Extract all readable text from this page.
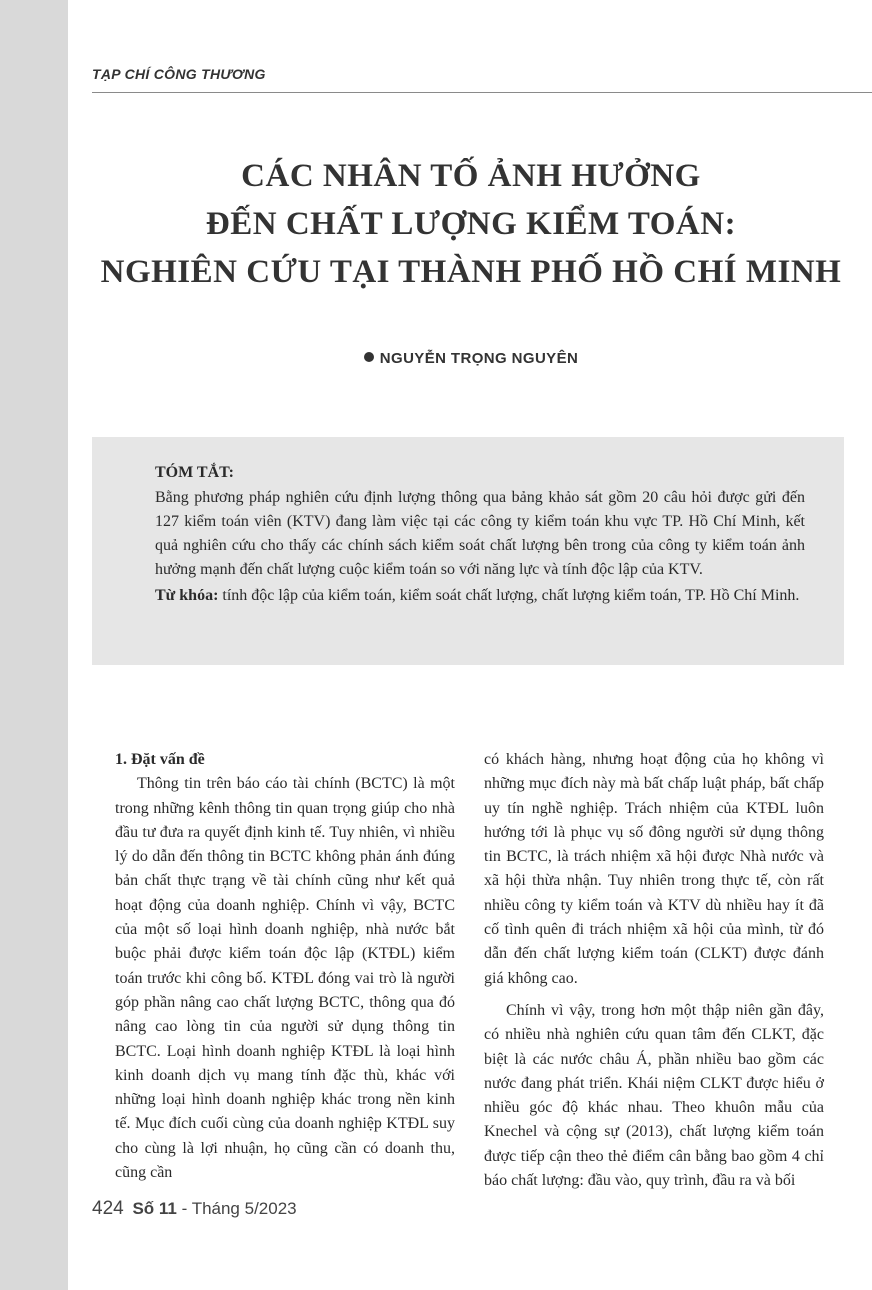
TẠP CHÍ CÔNG THƯƠNG
CÁC NHÂN TỐ ẢNH HƯỞNG
ĐẾN CHẤT LƯỢNG KIỂM TOÁN:
NGHIÊN CỨU TẠI THÀNH PHỐ HỒ CHÍ MINH
NGUYỄN TRỌNG NGUYÊN
TÓM TẮT:

Bằng phương pháp nghiên cứu định lượng thông qua bảng khảo sát gồm 20 câu hỏi được gửi đến 127 kiểm toán viên (KTV) đang làm việc tại các công ty kiểm toán khu vực TP. Hồ Chí Minh, kết quả nghiên cứu cho thấy các chính sách kiểm soát chất lượng bên trong của công ty kiểm toán ảnh hưởng mạnh đến chất lượng cuộc kiểm toán so với năng lực và tính độc lập của KTV.

Từ khóa: tính độc lập của kiểm toán, kiểm soát chất lượng, chất lượng kiểm toán, TP. Hồ Chí Minh.

1. Đặt vấn đề

Thông tin trên báo cáo tài chính (BCTC) là một trong những kênh thông tin quan trọng giúp cho nhà đầu tư đưa ra quyết định kinh tế. Tuy nhiên, vì nhiều lý do dẫn đến thông tin BCTC không phản ánh đúng bản chất thực trạng về tài chính cũng như kết quả hoạt động của doanh nghiệp. Chính vì vậy, BCTC của một số loại hình doanh nghiệp, nhà nước bắt buộc phải được kiểm toán độc lập (KTĐL) kiểm toán trước khi công bố. KTĐL đóng vai trò là người góp phần nâng cao chất lượng BCTC, thông qua đó nâng cao lòng tin của người sử dụng thông tin BCTC. Loại hình doanh nghiệp KTĐL là loại hình kinh doanh dịch vụ mang tính đặc thù, khác với những loại hình doanh nghiệp khác trong nền kinh tế. Mục đích cuối cùng của doanh nghiệp KTĐL suy cho cùng là lợi nhuận, họ cũng cần có doanh thu, cũng cần

có khách hàng, nhưng hoạt động của họ không vì những mục đích này mà bất chấp luật pháp, bất chấp uy tín nghề nghiệp. Trách nhiệm của KTĐL luôn hướng tới là phục vụ số đông người sử dụng thông tin BCTC, là trách nhiệm xã hội được Nhà nước và xã hội thừa nhận. Tuy nhiên trong thực tế, còn rất nhiều công ty kiểm toán và KTV dù nhiều hay ít đã cố tình quên đi trách nhiệm xã hội của mình, từ đó dẫn đến chất lượng kiểm toán (CLKT) được đánh giá không cao.

Chính vì vậy, trong hơn một thập niên gần đây, có nhiều nhà nghiên cứu quan tâm đến CLKT, đặc biệt là các nước châu Á, phần nhiều bao gồm các nước đang phát triển. Khái niệm CLKT được hiểu ở nhiều góc độ khác nhau. Theo khuôn mẫu của Knechel và cộng sự (2013), chất lượng kiểm toán được tiếp cận theo thẻ điểm cân bằng bao gồm 4 chỉ báo chất lượng: đầu vào, quy trình, đầu ra và bối

424 Số 11 - Tháng 5/2023
